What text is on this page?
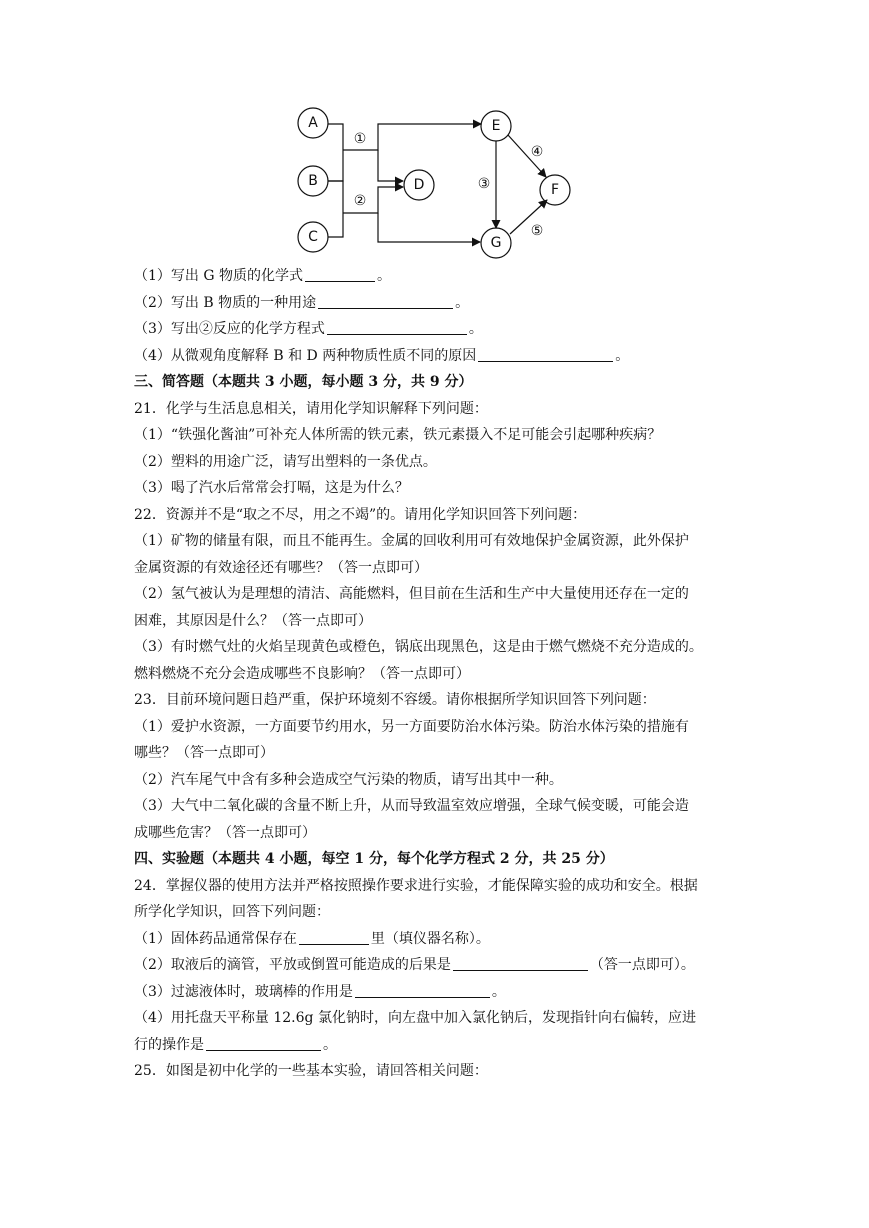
A
B
C
D
E
F
G
①
②
③
④
⑤
（1）写出 G 物质的化学式	。
（2）写出 B 物质的一种用途	。
（3）写出②反应的化学方程式	。
（4）从微观角度解释 B 和 D 两种物质性质不同的原因	。
三、简答题（本题共 3 小题，每小题 3 分，共 9 分）
21．化学与生活息息相关，请用化学知识解释下列问题：
（1）“铁强化酱油”可补充人体所需的铁元素，铁元素摄入不足可能会引起哪种疾病？
（2）塑料的用途广泛，请写出塑料的一条优点。
（3）喝了汽水后常常会打嗝，这是为什么？
22．资源并不是“取之不尽，用之不竭”的。请用化学知识回答下列问题：
（1）矿物的储量有限，而且不能再生。金属的回收利用可有效地保护金属资源，此外保护
金属资源的有效途径还有哪些？（答一点即可）
（2）氢气被认为是理想的清洁、高能燃料，但目前在生活和生产中大量使用还存在一定的
困难，其原因是什么？（答一点即可）
（3）有时燃气灶的火焰呈现黄色或橙色，锅底出现黑色，这是由于燃气燃烧不充分造成的。
燃料燃烧不充分会造成哪些不良影响？（答一点即可）
23．目前环境问题日趋严重，保护环境刻不容缓。请你根据所学知识回答下列问题：
（1）爱护水资源，一方面要节约用水，另一方面要防治水体污染。防治水体污染的措施有
哪些？（答一点即可）
（2）汽车尾气中含有多种会造成空气污染的物质，请写出其中一种。
（3）大气中二氧化碳的含量不断上升，从而导致温室效应增强，全球气候变暖，可能会造
成哪些危害？（答一点即可）
四、实验题（本题共 4 小题，每空 1 分，每个化学方程式 2 分，共 25 分）
24．掌握仪器的使用方法并严格按照操作要求进行实验，才能保障实验的成功和安全。根据
所学化学知识，回答下列问题：
（1）固体药品通常保存在	里（填仪器名称）。
（2）取液后的滴管，平放或倒置可能造成的后果是	（答一点即可）。
（3）过滤液体时，玻璃棒的作用是	。
（4）用托盘天平称量 12.6g 氯化钠时，向左盘中加入氯化钠后，发现指针向右偏转，应进
行的操作是	。
25．如图是初中化学的一些基本实验，请回答相关问题：
